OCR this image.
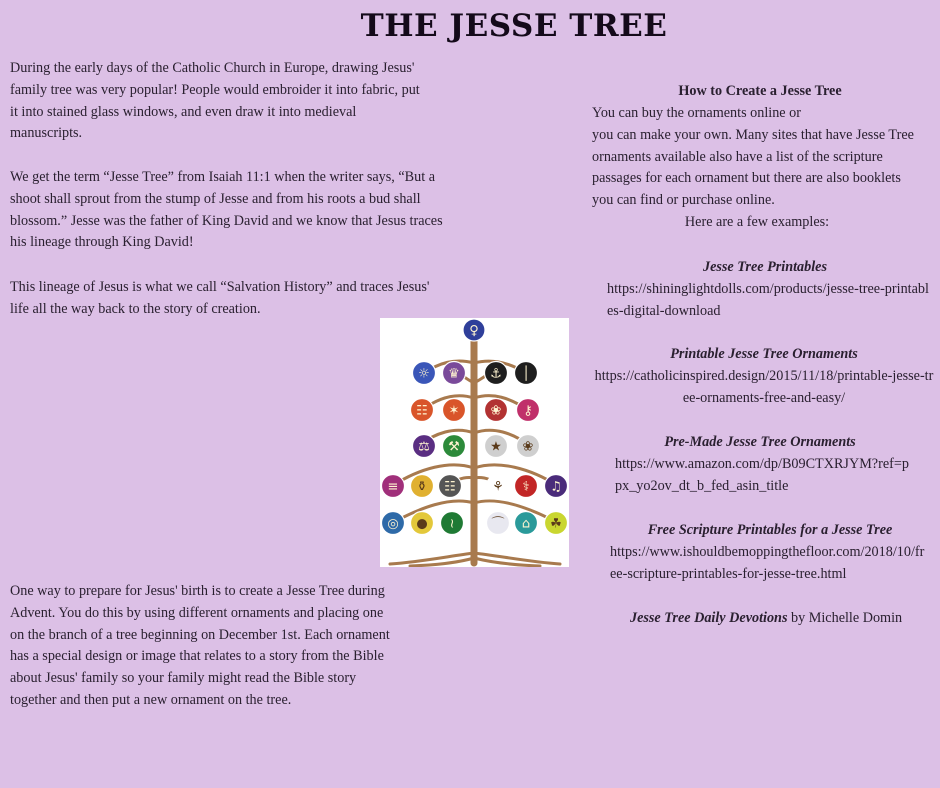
THE JESSE TREE

During the early days of the Catholic Church in Europe, drawing Jesus' family tree was very popular! People would embroider it into fabric, put it into stained glass windows, and even draw it into medieval manuscripts.

We get the term “Jesse Tree” from Isaiah 11:1 when the writer says, “But a shoot shall sprout from the stump of Jesse and from his roots a bud shall blossom.” Jesse was the father of King David and we know that Jesus traces his lineage through King David!

This lineage of Jesus is what we call “Salvation History” and traces Jesus' life all the way back to the story of creation.

One way to prepare for Jesus' birth is to create a Jesse Tree during Advent. You do this by using different ornaments and placing one on the branch of a tree beginning on December 1st. Each ornament has a special design or image that relates to a story from the Bible about Jesus' family so your family might read the Bible story together and then put a new ornament on the tree.

How to Create a Jesse Tree
You can buy the ornaments online or
you can make your own. Many sites that have Jesse Tree ornaments available also have a list of the scripture passages for each ornament but there are also booklets you can find or purchase online.
Here are a few examples:
Jesse Tree Printables
https://shininglightdolls.com/products/jesse-tree-printables-digital-download
Printable Jesse Tree Ornaments
https://catholicinspired.design/2015/11/18/printable-jesse-tree-ornaments-free-and-easy/
Pre-Made Jesse Tree Ornaments
https://www.amazon.com/dp/B09CTXRJYM?ref=ppx_yo2ov_dt_b_fed_asin_title
Free Scripture Printables for a Jesse Tree
https://www.ishouldbemoppingthefloor.com/2018/10/free-scripture-printables-for-jesse-tree.html
Jesse Tree Daily Devotions by Michelle Domin
♀
☼ ♛ ⚓ │
☷ ✶ ❀ ⚷
⚖ ⚒ ★ ❀
≡ ⚱ ☷	⚘ ⚕ ♫
◎ ● ≀	⌒ ⌂ ☘
